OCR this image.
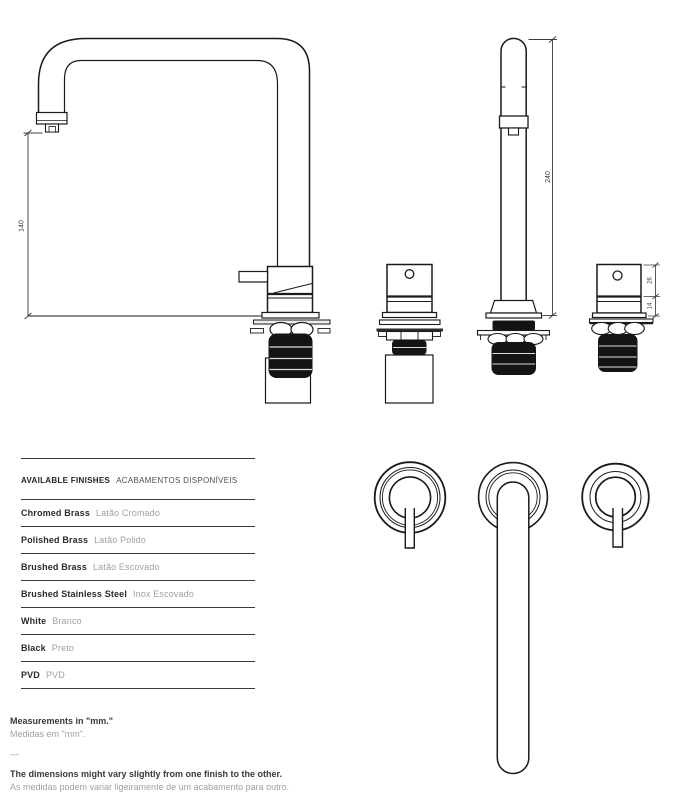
140
240
26
14
AVAILABLE FINISHES ACABAMENTOS DISPONÍVEIS
Chromed Brass Latão Cromado
Polished Brass Latão Polido
Brushed Brass Latão Escovado
Brushed Stainless Steel Inox Escovado
White Branco
Black Preto
PVD PVD
Measurements in "mm."
Medidas em "mm".
—
The dimensions might vary slightly from one finish to the other.
As medidas podem variar ligeiramente de um acabamento para outro.
